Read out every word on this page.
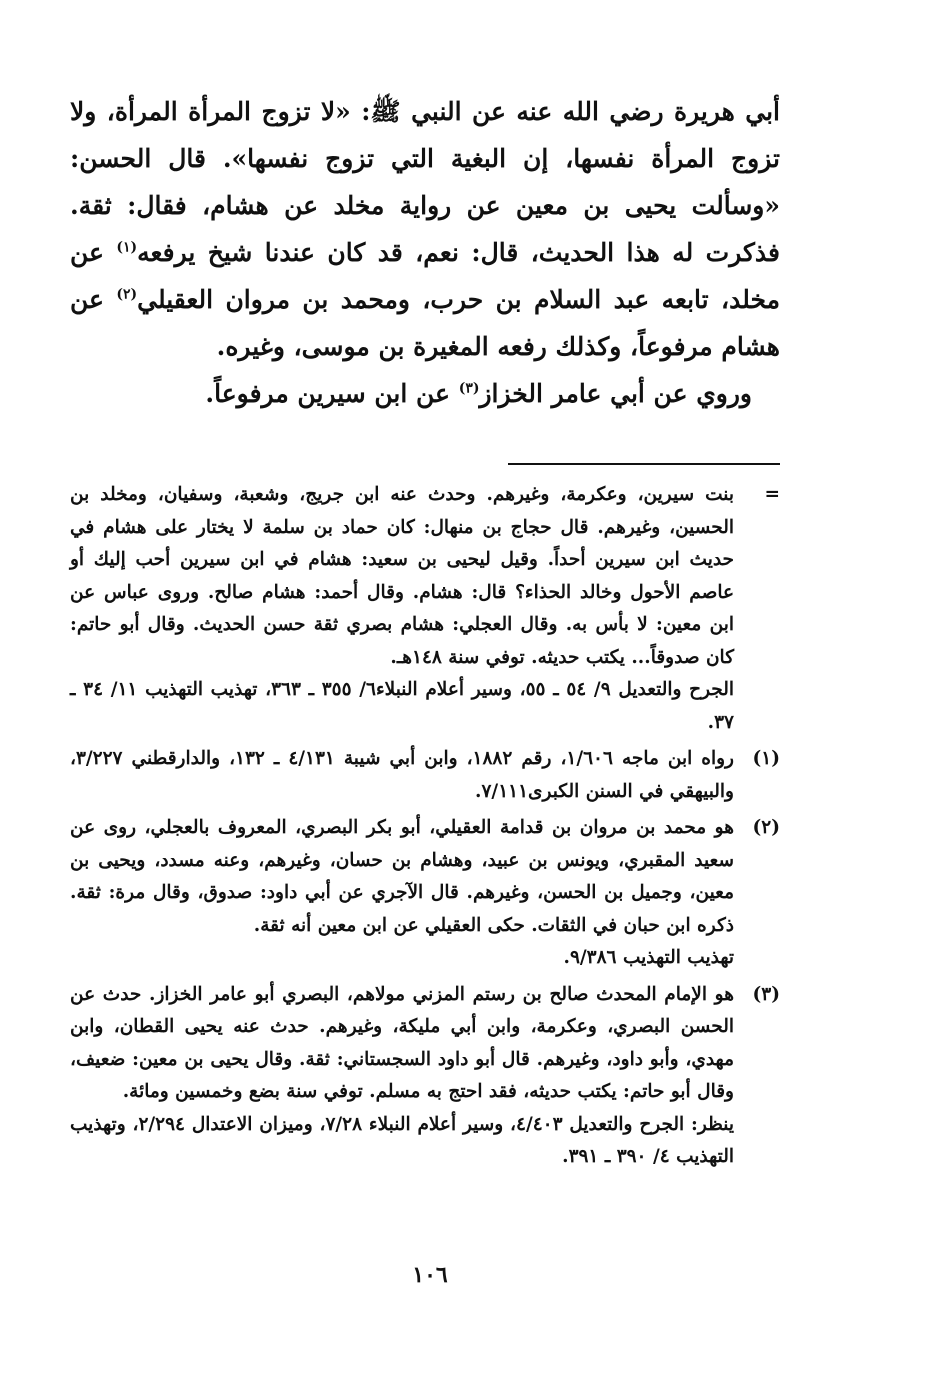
أبي هريرة رضي الله عنه عن النبي ﷺ: «لا تزوج المرأة المرأة، ولا تزوج المرأة نفسها، إن البغية التي تزوج نفسها». قال الحسن: «وسألت يحيى بن معين عن رواية مخلد عن هشام، فقال: ثقة. فذكرت له هذا الحديث، قال: نعم، قد كان عندنا شيخ يرفعه$^{(١)}$ عن مخلد، تابعه عبد السلام بن حرب، ومحمد بن مروان العقيلي$^{(٢)}$ عن هشام مرفوعاً، وكذلك رفعه المغيرة بن موسى، وغيره.

وروي عن أبي عامر الخزاز$^{(٣)}$ عن ابن سيرين مرفوعاً.

=

بنت سيرين، وعكرمة، وغيرهم. وحدث عنه ابن جريج، وشعبة، وسفيان، ومخلد بن الحسين، وغيرهم. قال حجاج بن منهال: كان حماد بن سلمة لا يختار على هشام في حديث ابن سيرين أحداً. وقيل ليحيى بن سعيد: هشام في ابن سيرين أحب إليك أو عاصم الأحول وخالد الحذاء؟ قال: هشام. وقال أحمد: هشام صالح. وروى عباس عن ابن معين: لا بأس به. وقال العجلي: هشام بصري ثقة حسن الحديث. وقال أبو حاتم: كان صدوقاً... يكتب حديثه. توفي سنة ١٤٨هـ.

الجرح والتعديل ٩/ ٥٤ ـ ٥٥، وسير أعلام النبلاء٦/ ٣٥٥ ـ ٣٦٣، تهذيب التهذيب ١١/ ٣٤ ـ ٣٧.

(١)

رواه ابن ماجه ١/٦٠٦، رقم ١٨٨٢، وابن أبي شيبة ٤/١٣١ ـ ١٣٢، والدارقطني ٣/٢٢٧، والبيهقي في السنن الكبرى٧/١١١.

(٢)

هو محمد بن مروان بن قدامة العقيلي، أبو بكر البصري، المعروف بالعجلي، روى عن سعيد المقبري، ويونس بن عبيد، وهشام بن حسان، وغيرهم، وعنه مسدد، ويحيى بن معين، وجميل بن الحسن، وغيرهم. قال الآجري عن أبي داود: صدوق، وقال مرة: ثقة. ذكره ابن حبان في الثقات. حكى العقيلي عن ابن معين أنه ثقة.

تهذيب التهذيب ٩/٣٨٦.

(٣)

هو الإمام المحدث صالح بن رستم المزني مولاهم، البصري أبو عامر الخزاز. حدث عن الحسن البصري، وعكرمة، وابن أبي مليكة، وغيرهم. حدث عنه يحيى القطان، وابن مهدي، وأبو داود، وغيرهم. قال أبو داود السجستاني: ثقة. وقال يحيى بن معين: ضعيف، وقال أبو حاتم: يكتب حديثه، فقد احتج به مسلم. توفي سنة بضع وخمسين ومائة.

ينظر: الجرح والتعديل ٤/٤٠٣، وسير أعلام النبلاء ٧/٢٨، وميزان الاعتدال ٢/٢٩٤، وتهذيب التهذيب ٤/ ٣٩٠ ـ ٣٩١.

١٠٦
